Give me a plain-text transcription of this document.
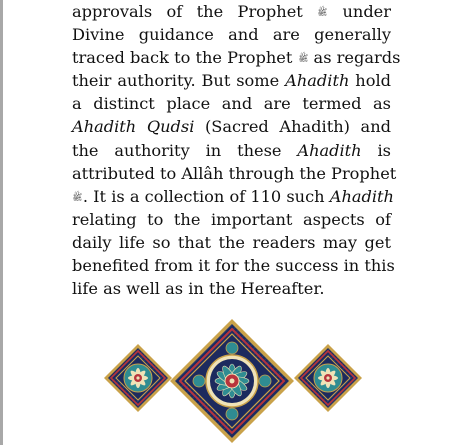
approvals of the Prophet ﷺ under
Divine guidance and are generally
traced back to the Prophet ﷺ as regards
their authority. But some Ahadith hold
a distinct place and are termed as
Ahadith Qudsi (Sacred Ahadith) and
the authority in these Ahadith is
attributed to Allâh through the Prophet
ﷺ. It is a collection of 110 such Ahadith
relating to the important aspects of
daily life so that the readers may get
benefited from it for the success in this
life as well as in the Hereafter.
